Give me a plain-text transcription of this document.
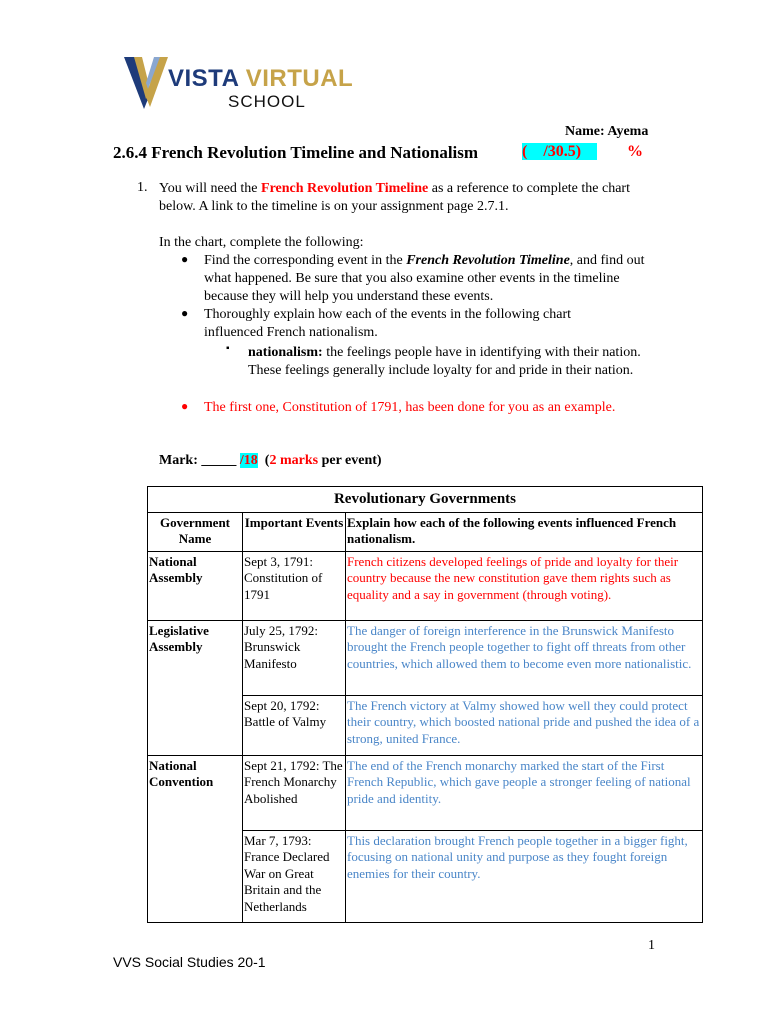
VISTA VIRTUAL
SCHOOL
Name: Ayema
2.6.4 French Revolution Timeline and Nationalism	(    /30.5)	%
1. You will need the French Revolution Timeline as a reference to complete the chart below. A link to the timeline is on your assignment page 2.7.1.
In the chart, complete the following:
● Find the corresponding event in the French Revolution Timeline, and find out what happened. Be sure that you also examine other events in the timeline because they will help you understand these events.
● Thoroughly explain how each of the events in the following chart influenced French nationalism.
▪ nationalism: the feelings people have in identifying with their nation. These feelings generally include loyalty for and pride in their nation.
● The first one, Constitution of 1791, has been done for you as an example.
Mark: _____ /18  (2 marks per event)
Revolutionary Governments		
Government Name	Important Events	Explain how each of the following events influenced French nationalism.
National Assembly	Sept 3, 1791: Constitution of 1791	French citizens developed feelings of pride and loyalty for their country because the new constitution gave them rights such as equality and a say in government (through voting).
Legislative Assembly	July 25, 1792: Brunswick Manifesto	The danger of foreign interference in the Brunswick Manifesto brought the French people together to fight off threats from other countries, which allowed them to become even more nationalistic.
	Sept 20, 1792: Battle of Valmy	The French victory at Valmy showed how well they could protect their country, which boosted national pride and pushed the idea of a strong, united France.
National Convention	Sept 21, 1792: The French Monarchy Abolished	The end of the French monarchy marked the start of the First French Republic, which gave people a stronger feeling of national pride and identity.
	Mar 7, 1793: France Declared War on Great Britain and the Netherlands	This declaration brought French people together in a bigger fight, focusing on national unity and purpose as they fought foreign enemies for their country.
1
VVS Social Studies 20-1
